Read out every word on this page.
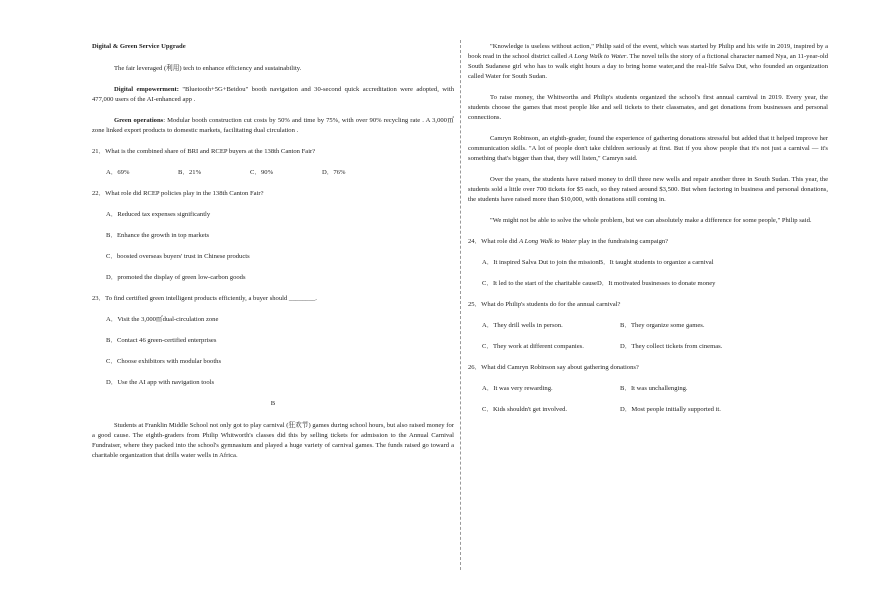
Digital & Green Service Upgrade

The fair leveraged (利用) tech to enhance efficiency and sustainability.

Digital empowerment: "Bluetooth+5G+Beidou" booth navigation and 30-second quick accreditation were adopted, with 477,000 users of the AI-enhanced app .

Green operations: Modular booth construction cut costs by 50% and time by 75%, with over 90% recycling rate . A 3,000㎡ zone linked export products to domestic markets, facilitating dual circulation .

21．What is the combined share of BRI and RCEP buyers at the 138th Canton Fair?

A．69%	B．21%	C．90%	D．76%

22．What role did RCEP policies play in the 138th Canton Fair?

A．Reduced tax expenses significantly

B．Enhance the growth in top markets

C．boosted overseas buyers' trust in Chinese products

D．promoted the display of green low-carbon goods

23．To find certified green intelligent products efficiently, a buyer should ________.

A．Visit the 3,000㎡dual-circulation zone

B．Contact 46 green-certified enterprises

C．Choose exhibitors with modular booths

D．Use the AI app with navigation tools

B

Students at Franklin Middle School not only got to play carnival (狂欢节) games during school hours, but also raised money for a good cause. The eighth-graders from Philip Whitworth's classes did this by selling tickets for admission to the Annual Carnival Fundraiser, where they packed into the school's gymnasium and played a huge variety of carnival games. The funds raised go toward a charitable organization that drills water wells in Africa.

"Knowledge is useless without action," Philip said of the event, which was started by Philip and his wife in 2019, inspired by a book read in the school district called A Long Walk to Water. The novel tells the story of a fictional character named Nya, an 11-year-old South Sudanese girl who has to walk eight hours a day to bring home water,and the real-life Salva Dut, who founded an organization called Water for South Sudan.

To raise money, the Whitworths and Philip's students organized the school's first annual carnival in 2019. Every year, the students choose the games that most people like and sell tickets to their classmates, and get donations from businesses and personal connections.

Camryn Robinson, an eighth-grader, found the experience of gathering donations stressful but added that it helped improve her communication skills. "A lot of people don't take children seriously at first. But if you show people that it's not just a carnival — it's something that's bigger than that, they will listen," Camryn said.

Over the years, the students have raised money to drill three new wells and repair another three in South Sudan. This year, the students sold a little over 700 tickets for $5 each, so they raised around $3,500. But when factoring in business and personal donations, the students have raised more than $10,000, with donations still coming in.

"We might not be able to solve the whole problem, but we can absolutely make a difference for some people," Philip said.

24．What role did A Long Walk to Water play in the fundraising campaign?

A．It inspired Salva Dut to join the mission B．It taught students to organize a carnival
C．It led to the start of the charitable cause D．It motivated businesses to donate money

25．What do Philip's students do for the annual carnival?

A．They drill wells in person.	B．They organize some games.
C．They work at different companies.	D．They collect tickets from cinemas.

26．What did Camryn Robinson say about gathering donations?

A．It was very rewarding.	B．It was unchallenging.
C．Kids shouldn't get involved.	D．Most people initially supported it.
